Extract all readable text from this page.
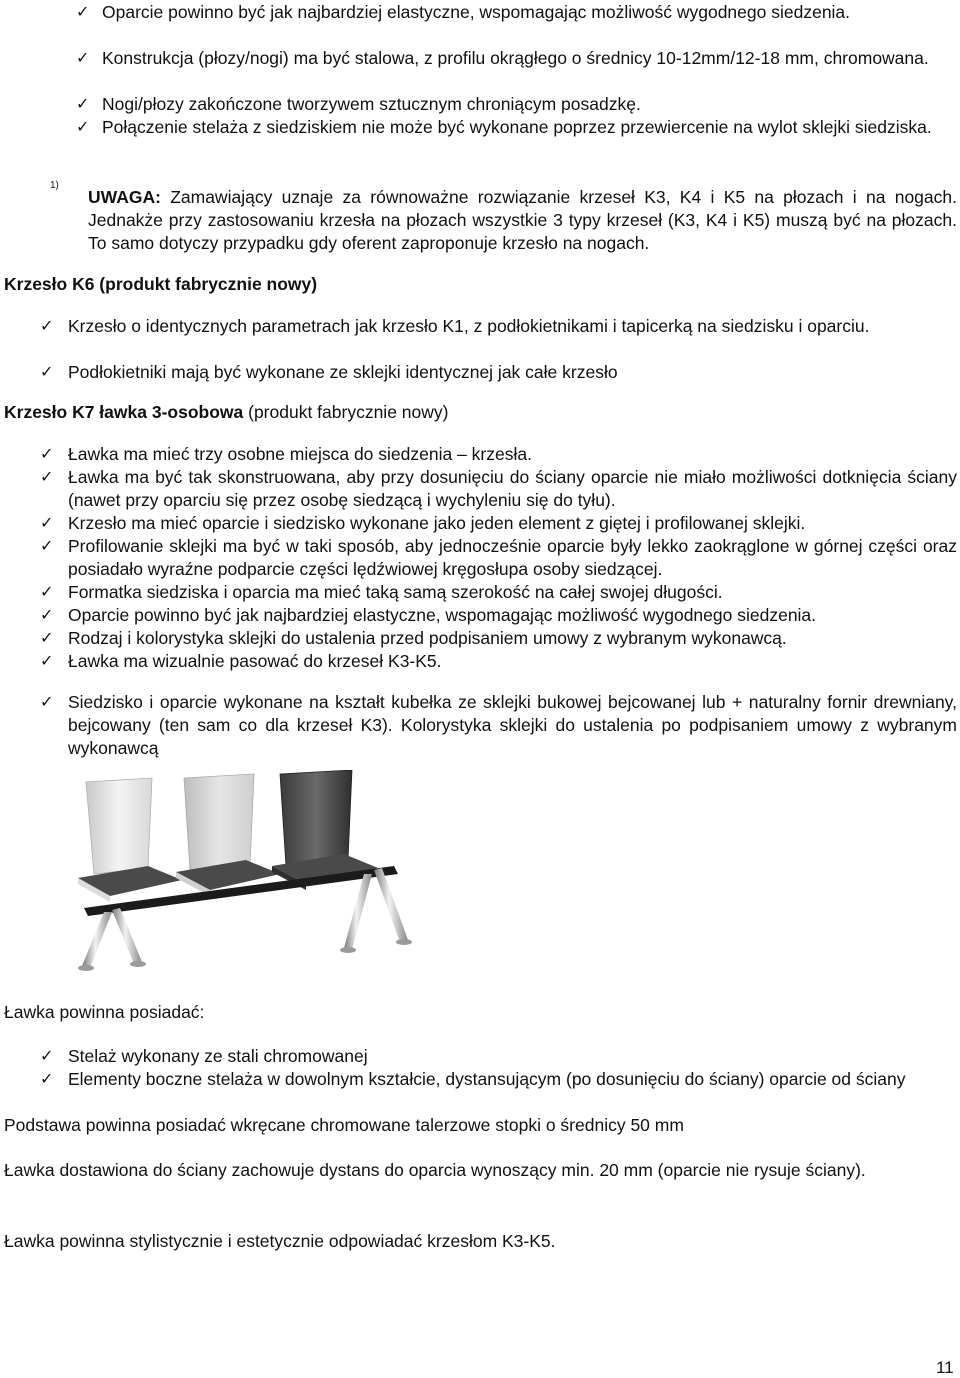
✓ Oparcie powinno być jak najbardziej elastyczne, wspomagając możliwość wygodnego siedzenia.
✓ Konstrukcja (płozy/nogi) ma być stalowa, z profilu okrągłego o średnicy 10-12mm/12-18 mm, chromowana.
✓ Nogi/płozy zakończone tworzywem sztucznym chroniącym posadzkę.
✓ Połączenie stelaża z siedziskiem nie może być wykonane poprzez przewiercenie na wylot sklejki siedziska.
1)
UWAGA: Zamawiający uznaje za równoważne rozwiązanie krzeseł K3, K4 i K5 na płozach i na nogach. Jednakże przy zastosowaniu krzesła na płozach wszystkie 3 typy krzeseł (K3, K4 i K5) muszą być na płozach. To samo dotyczy przypadku gdy oferent zaproponuje krzesło na nogach.
Krzesło K6 (produkt fabrycznie nowy)
✓ Krzesło o identycznych parametrach jak krzesło K1, z podłokietnikami i tapicerką na siedzisku i oparciu.
✓ Podłokietniki mają być wykonane ze sklejki identycznej jak całe krzesło
Krzesło K7 ławka 3-osobowa (produkt fabrycznie nowy)
✓ Ławka ma mieć trzy osobne miejsca do siedzenia – krzesła.
✓ Ławka ma być tak skonstruowana, aby przy dosunięciu do ściany oparcie nie miało możliwości dotknięcia ściany (nawet przy oparciu się przez osobę siedzącą i wychyleniu się do tyłu).
✓ Krzesło ma mieć oparcie i siedzisko wykonane jako jeden element z giętej i profilowanej sklejki.
✓ Profilowanie sklejki ma być w taki sposób, aby jednocześnie oparcie były lekko zaokrąglone w górnej części oraz posiadało wyraźne podparcie części lędźwiowej kręgosłupa osoby siedzącej.
✓ Formatka siedziska i oparcia ma mieć taką samą szerokość na całej swojej długości.
✓ Oparcie powinno być jak najbardziej elastyczne, wspomagając możliwość wygodnego siedzenia.
✓ Rodzaj i kolorystyka sklejki do ustalenia przed podpisaniem umowy z wybranym wykonawcą.
✓ Ławka ma wizualnie pasować do krzeseł K3-K5.
✓ Siedzisko i oparcie wykonane na kształt kubełka ze sklejki bukowej bejcowanej lub + naturalny fornir drewniany, bejcowany (ten sam co dla krzeseł K3). Kolorystyka sklejki do ustalenia po podpisaniem umowy z wybranym wykonawcą
Ławka powinna posiadać:
✓ Stelaż wykonany ze stali chromowanej
✓ Elementy boczne stelaża w dowolnym kształcie, dystansującym (po dosunięciu do ściany) oparcie od ściany
Podstawa powinna posiadać wkręcane chromowane talerzowe stopki o średnicy 50 mm
Ławka dostawiona do ściany zachowuje dystans do oparcia wynoszący min. 20 mm (oparcie nie rysuje ściany).
Ławka powinna stylistycznie i estetycznie odpowiadać krzesłom K3-K5.
11
